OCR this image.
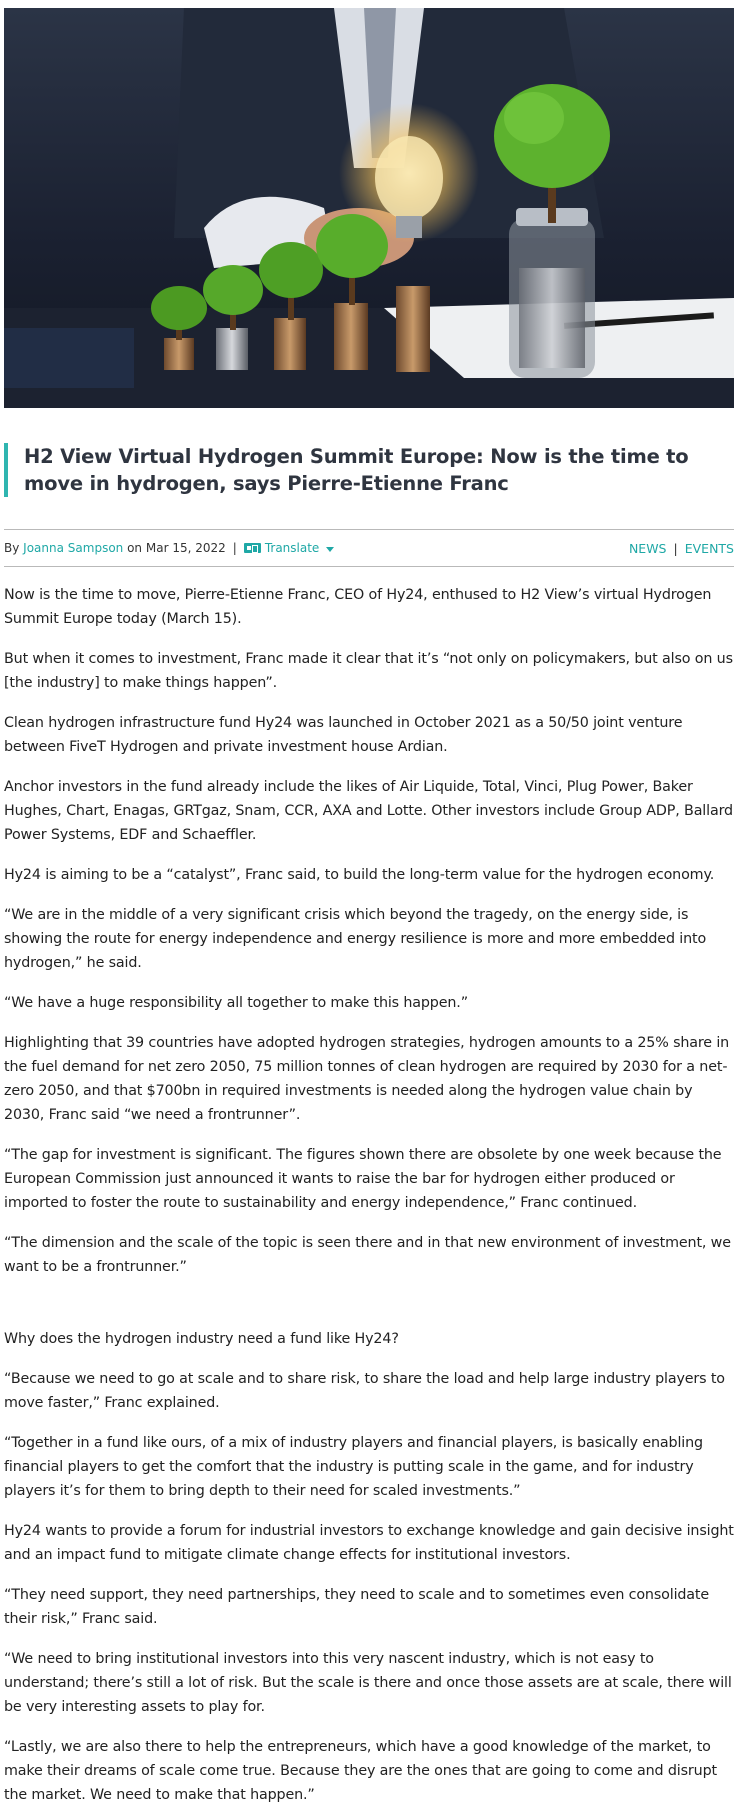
H2 View Virtual Hydrogen Summit Europe: Now is the time to move in hydrogen, says Pierre-Etienne Franc
By
Joanna Sampson
on
Mar 15, 2022 | Translate	NEWS | EVENTS

Now is the time to move, Pierre-Etienne Franc, CEO of Hy24, enthused to H2 View’s virtual Hydrogen Summit Europe today (March 15).

But when it comes to investment, Franc made it clear that it’s “not only on policymakers, but also on us [the industry] to make things happen”.

Clean hydrogen infrastructure fund Hy24 was launched in October 2021 as a 50/50 joint venture between FiveT Hydrogen and private investment house Ardian.

Anchor investors in the fund already include the likes of Air Liquide, Total, Vinci, Plug Power, Baker Hughes, Chart, Enagas, GRTgaz, Snam, CCR, AXA and Lotte. Other investors include Group ADP, Ballard Power Systems, EDF and Schaeffler.

Hy24 is aiming to be a “catalyst”, Franc said, to build the long-term value for the hydrogen economy.

“We are in the middle of a very significant crisis which beyond the tragedy, on the energy side, is showing the route for energy independence and energy resilience is more and more embedded into hydrogen,” he said.

“We have a huge responsibility all together to make this happen.”

Highlighting that 39 countries have adopted hydrogen strategies, hydrogen amounts to a 25% share in the fuel demand for net zero 2050, 75 million tonnes of clean hydrogen are required by 2030 for a net-zero 2050, and that $700bn in required investments is needed along the hydrogen value chain by 2030, Franc said “we need a frontrunner”.

“The gap for investment is significant. The figures shown there are obsolete by one week because the European Commission just announced it wants to raise the bar for hydrogen either produced or imported to foster the route to sustainability and energy independence,” Franc continued.

“The dimension and the scale of the topic is seen there and in that new environment of investment, we want to be a frontrunner.”

Why does the hydrogen industry need a fund like Hy24?

“Because we need to go at scale and to share risk, to share the load and help large industry players to move faster,” Franc explained.

“Together in a fund like ours, of a mix of industry players and financial players, is basically enabling financial players to get the comfort that the industry is putting scale in the game, and for industry players it’s for them to bring depth to their need for scaled investments.”

Hy24 wants to provide a forum for industrial investors to exchange knowledge and gain decisive insight and an impact fund to mitigate climate change effects for institutional investors.

“They need support, they need partnerships, they need to scale and to sometimes even consolidate their risk,” Franc said.

“We need to bring institutional investors into this very nascent industry, which is not easy to understand; there’s still a lot of risk. But the scale is there and once those assets are at scale, there will be very interesting assets to play for.

“Lastly, we are also there to help the entrepreneurs, which have a good knowledge of the market, to make their dreams of scale come true. Because they are the ones that are going to come and disrupt the market. We need to make that happen.”
